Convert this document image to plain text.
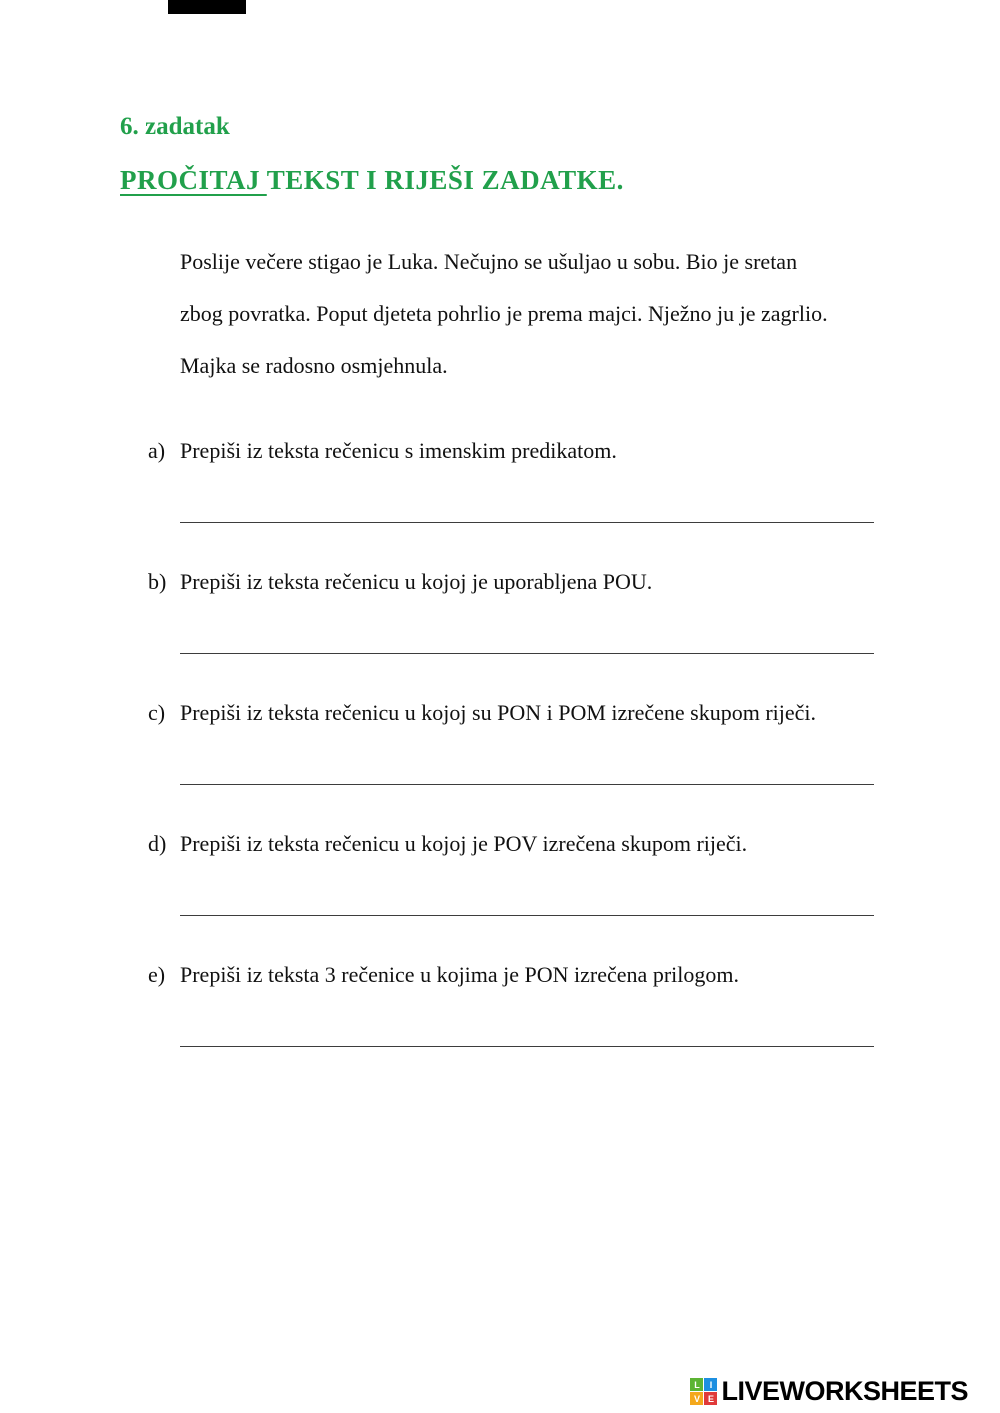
6. zadatak
PROČITAJ TEKST I RIJEŠI ZADATKE.

Poslije večere stigao je Luka. Nečujno se ušuljao u sobu. Bio je sretan

zbog povratka. Poput djeteta pohrlio je prema majci. Nježno ju je zagrlio.

Majka se radosno osmjehnula.

a) Prepiši iz teksta rečenicu s imenskim predikatom.
b) Prepiši iz teksta rečenicu u kojoj je uporabljena POU.
c) Prepiši iz teksta rečenicu u kojoj su PON i POM izrečene skupom riječi.
d) Prepiši iz teksta rečenicu u kojoj je POV izrečena skupom riječi.
e) Prepiši iz teksta 3 rečenice u kojima je PON izrečena prilogom.
L	I
V E LIVEWORKSHEETS
